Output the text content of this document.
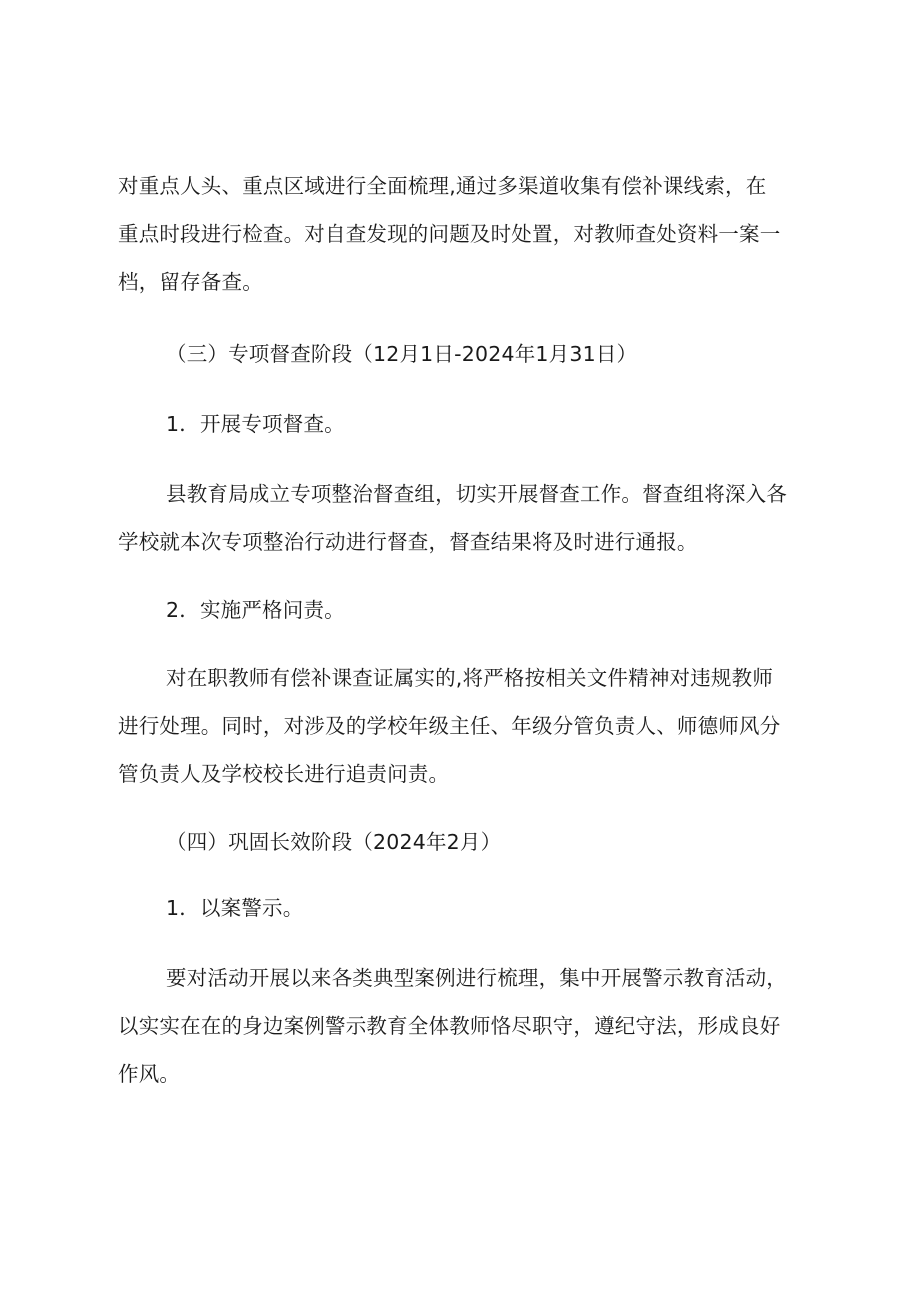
对重点人头、重点区域进行全面梳理,通过多渠道收集有偿补课线索，在
重点时段进行检查。对自查发现的问题及时处置，对教师查处资料一案一
档，留存备查。
（三）专项督查阶段（12月1日-2024年1月31日）
1．开展专项督查。
县教育局成立专项整治督查组，切实开展督查工作。督查组将深入各
学校就本次专项整治行动进行督查，督查结果将及时进行通报。
2．实施严格问责。
对在职教师有偿补课查证属实的,将严格按相关文件精神对违规教师
进行处理。同时，对涉及的学校年级主任、年级分管负责人、师德师风分
管负责人及学校校长进行追责问责。
（四）巩固长效阶段（2024年2月）
1．以案警示。
要对活动开展以来各类典型案例进行梳理，集中开展警示教育活动，
以实实在在的身边案例警示教育全体教师恪尽职守，遵纪守法，形成良好
作风。
